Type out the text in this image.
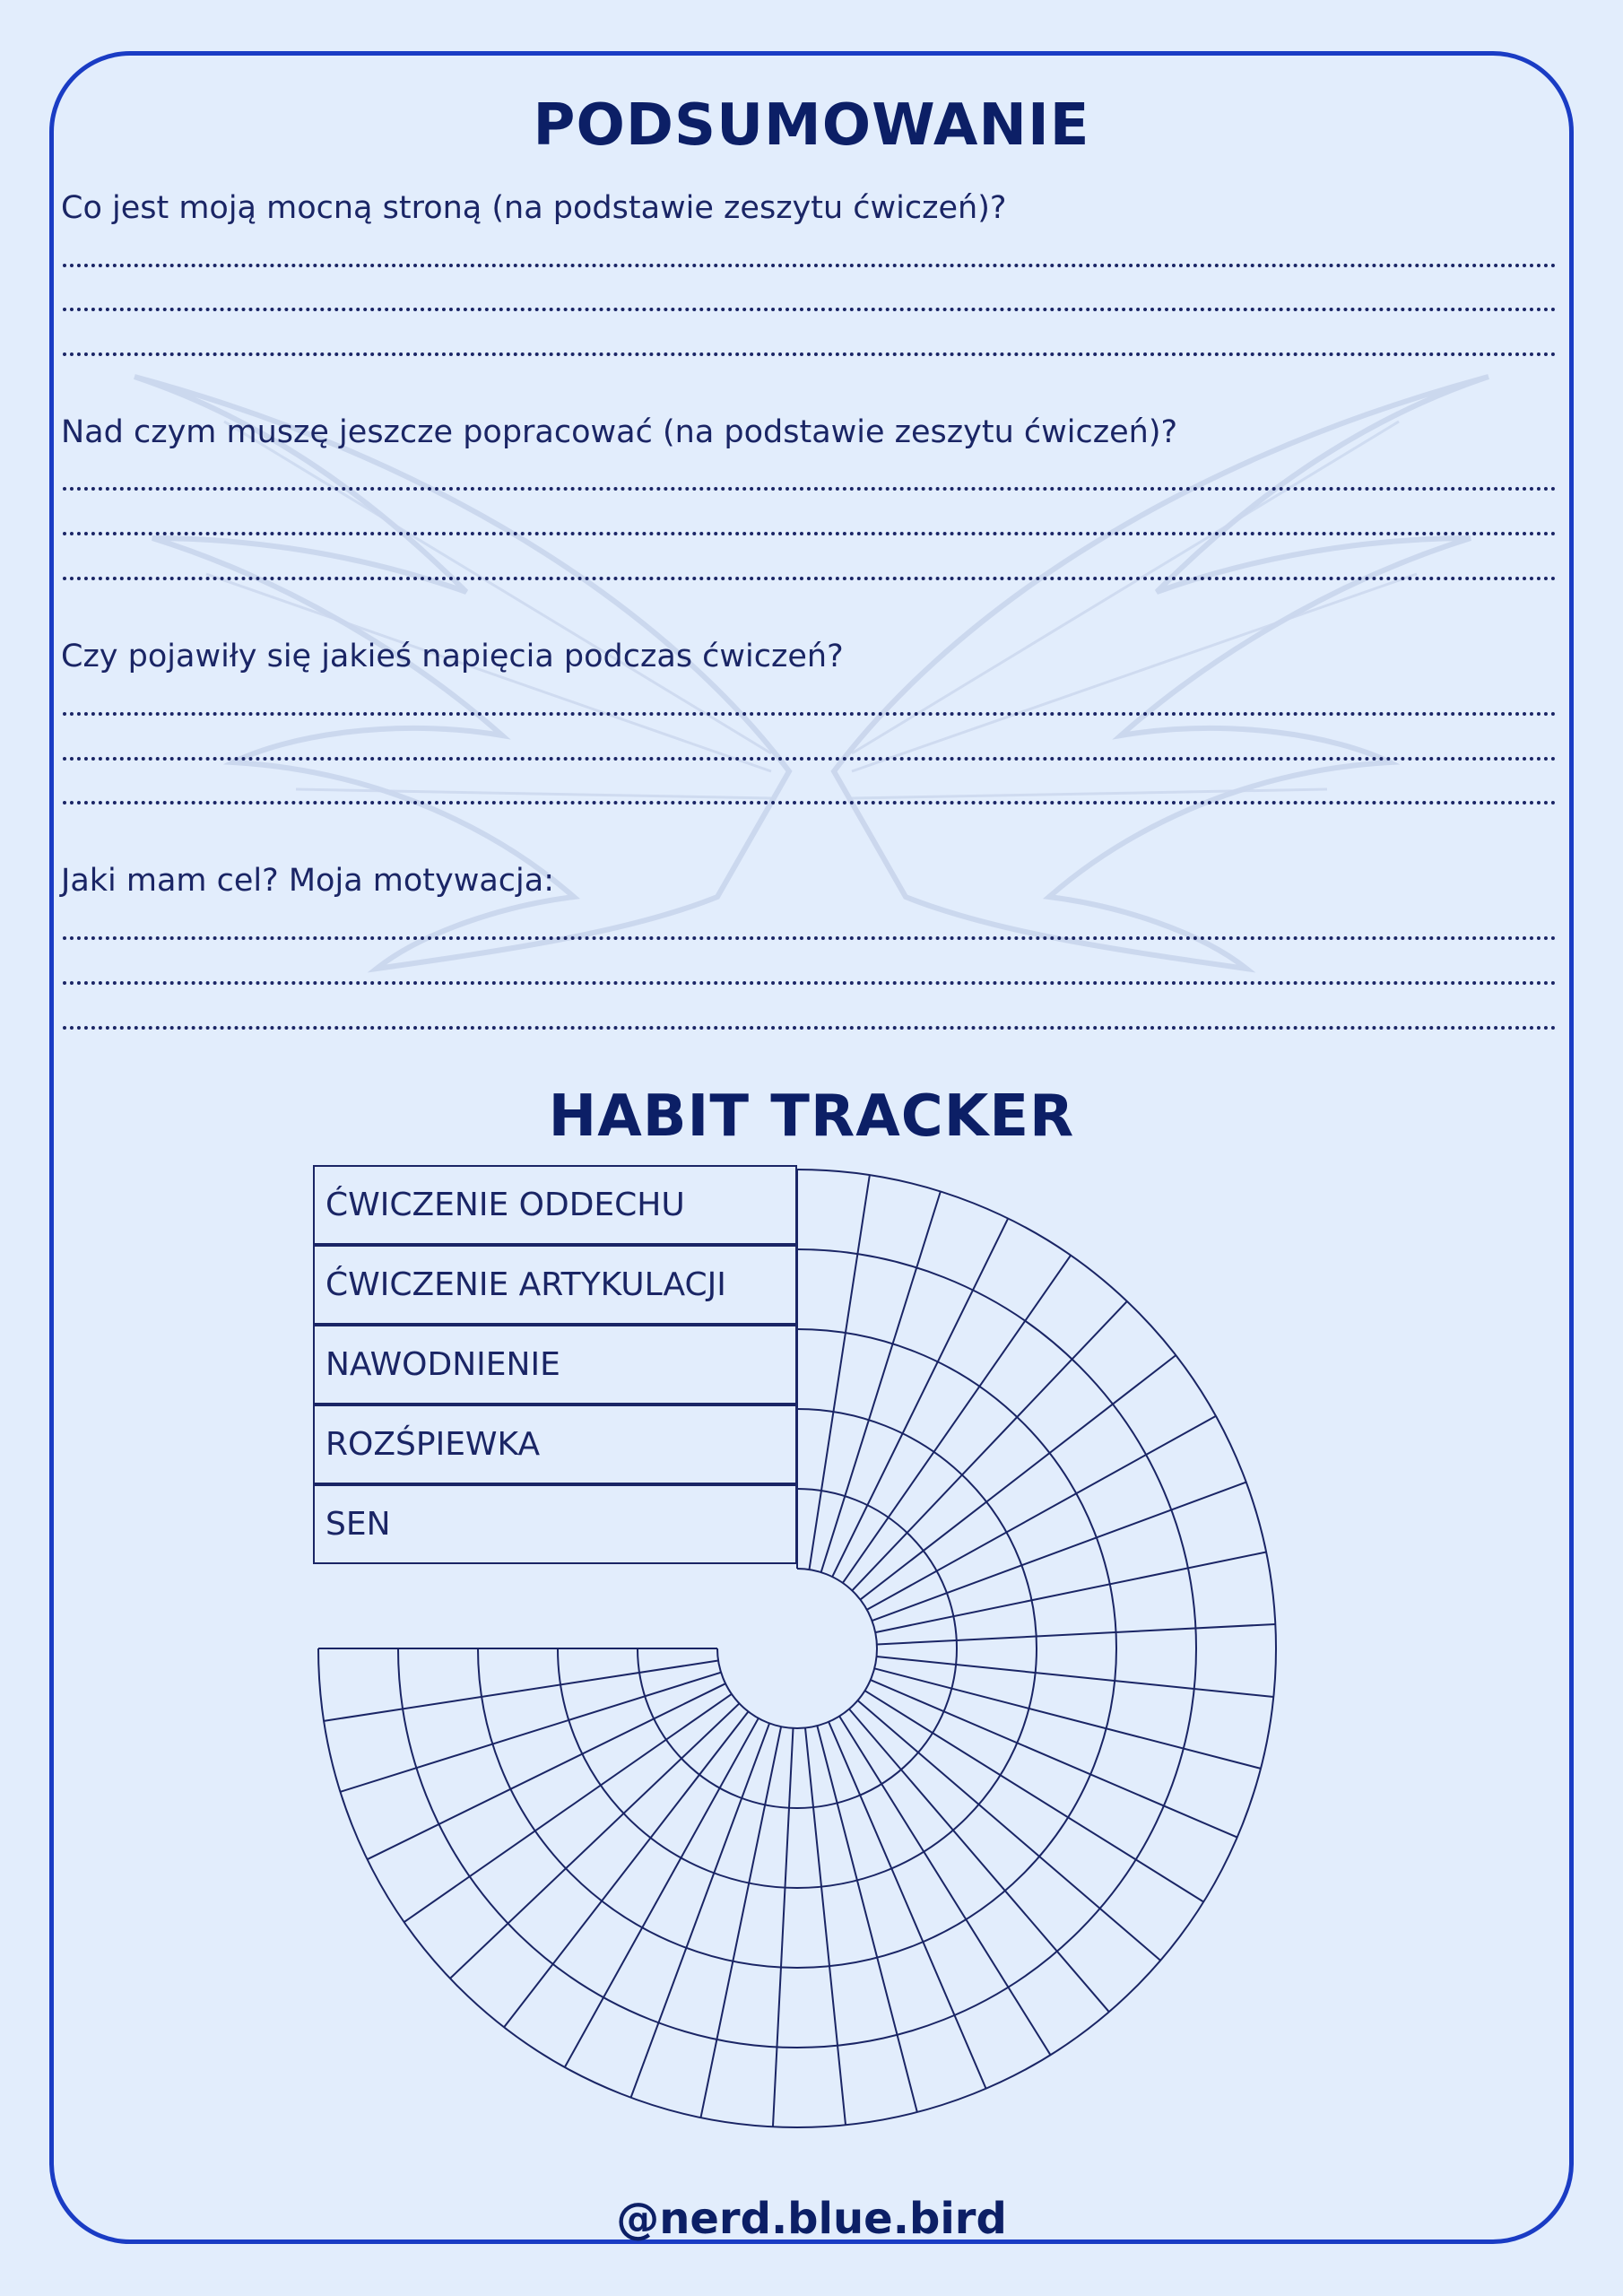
PODSUMOWANIE

Co jest moją mocną stroną (na podstawie zeszytu ćwiczeń)?

Nad czym muszę jeszcze popracować (na podstawie zeszytu ćwiczeń)?

Czy pojawiły się jakieś napięcia podczas ćwiczeń?

Jaki mam cel? Moja motywacja:

HABIT TRACKER
ĆWICZENIE ODDECHU
ĆWICZENIE ARTYKULACJI
NAWODNIENIE
ROZŚPIEWKA
SEN

@nerd.blue.bird
